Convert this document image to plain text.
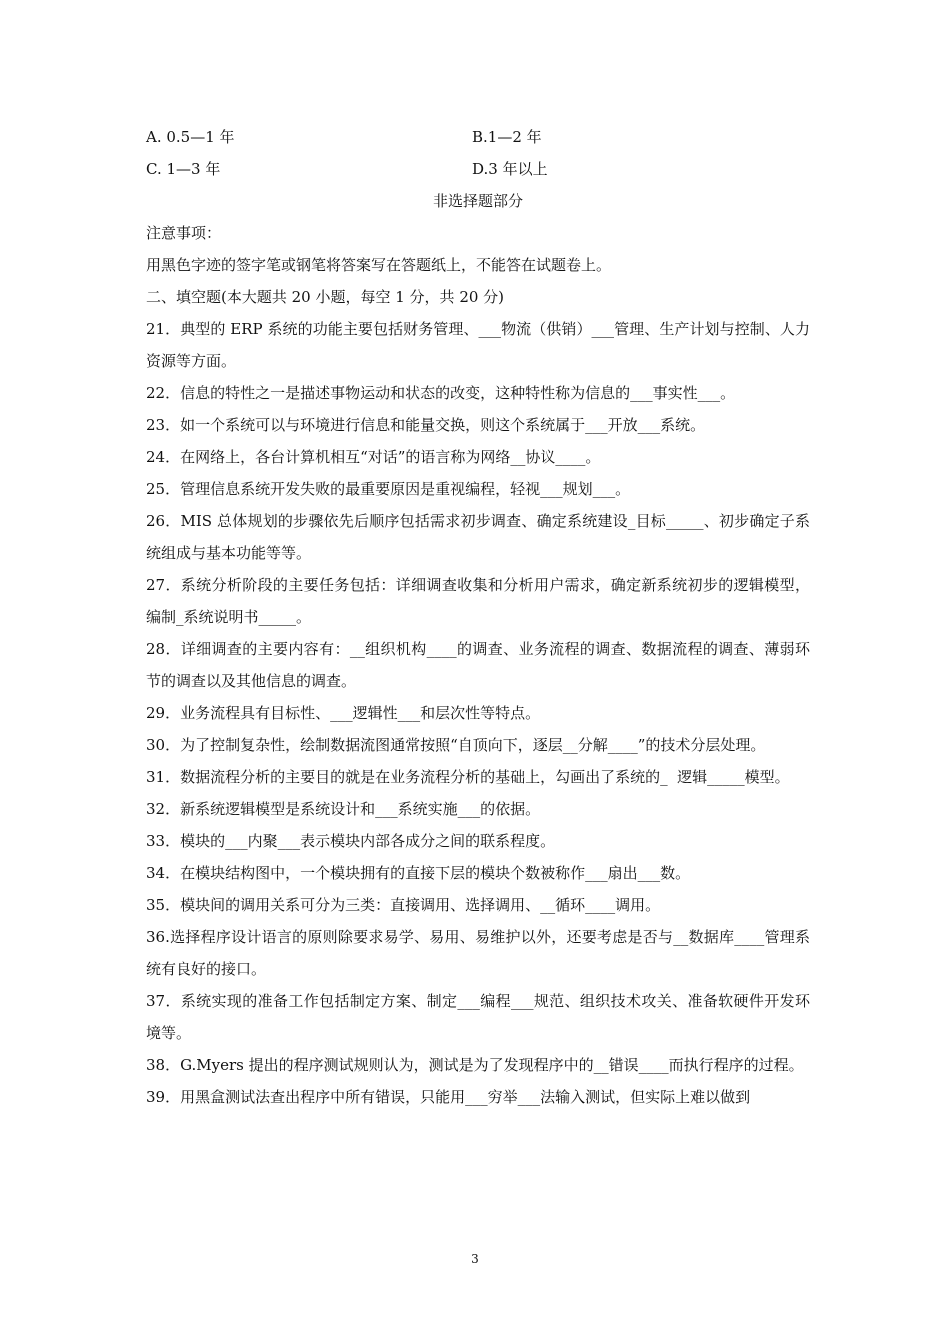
A. 0.5—1 年	B.1—2 年
C. 1—3 年	D.3 年以上
非选择题部分
注意事项：
用黑色字迹的签字笔或钢笔将答案写在答题纸上，不能答在试题卷上。
二、填空题(本大题共 20 小题，每空 1 分，共 20 分)
21．典型的 ERP 系统的功能主要包括财务管理、___物流（供销）___管理、生产计划与控制、人力资源等方面。
22．信息的特性之一是描述事物运动和状态的改变，这种特性称为信息的___事实性___。
23．如一个系统可以与环境进行信息和能量交换，则这个系统属于___开放___系统。
24．在网络上，各台计算机相互“对话”的语言称为网络__协议____。
25．管理信息系统开发失败的最重要原因是重视编程，轻视___规划___。
26．MIS 总体规划的步骤依先后顺序包括需求初步调查、确定系统建设_目标_____、初步确定子系统组成与基本功能等等。
27．系统分析阶段的主要任务包括：详细调查收集和分析用户需求，确定新系统初步的逻辑模型，编制_系统说明书_____。
28．详细调查的主要内容有：__组织机构____的调查、业务流程的调查、数据流程的调查、薄弱环节的调查以及其他信息的调查。
29．业务流程具有目标性、___逻辑性___和层次性等特点。
30．为了控制复杂性，绘制数据流图通常按照“自顶向下，逐层__分解____”的技术分层处理。
31．数据流程分析的主要目的就是在业务流程分析的基础上，勾画出了系统的_  逻辑_____模型。
32．新系统逻辑模型是系统设计和___系统实施___的依据。
33．模块的___内聚___表示模块内部各成分之间的联系程度。
34．在模块结构图中，一个模块拥有的直接下层的模块个数被称作___扇出___数。
35．模块间的调用关系可分为三类：直接调用、选择调用、__循环____调用。
36.选择程序设计语言的原则除要求易学、易用、易维护以外，还要考虑是否与__数据库____管理系统有良好的接口。
37．系统实现的准备工作包括制定方案、制定___编程___规范、组织技术攻关、准备软硬件开发环境等。
38．G.Myers 提出的程序测试规则认为，测试是为了发现程序中的__错误____而执行程序的过程。
39．用黑盒测试法查出程序中所有错误，只能用___穷举___法输入测试，但实际上难以做到
3
